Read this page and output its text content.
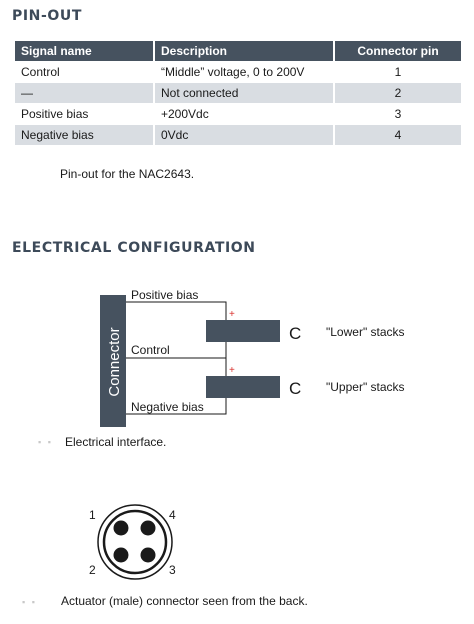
PIN-OUT
Signal name	Description	Connector pin
Control	“Middle” voltage, 0 to 200V	1
—	Not connected	2
Positive bias	+200Vdc	3
Negative bias	0Vdc	4
Pin-out for the NAC2643.
ELECTRICAL CONFIGURATION
Connector
Positive bias
Control
Negative bias
+
+
C
C
"Lower" stacks
"Upper" stacks
▪ ▪ Electrical interface.
1	4
2	3
▪ ▪ Actuator (male) connector seen from the back.
